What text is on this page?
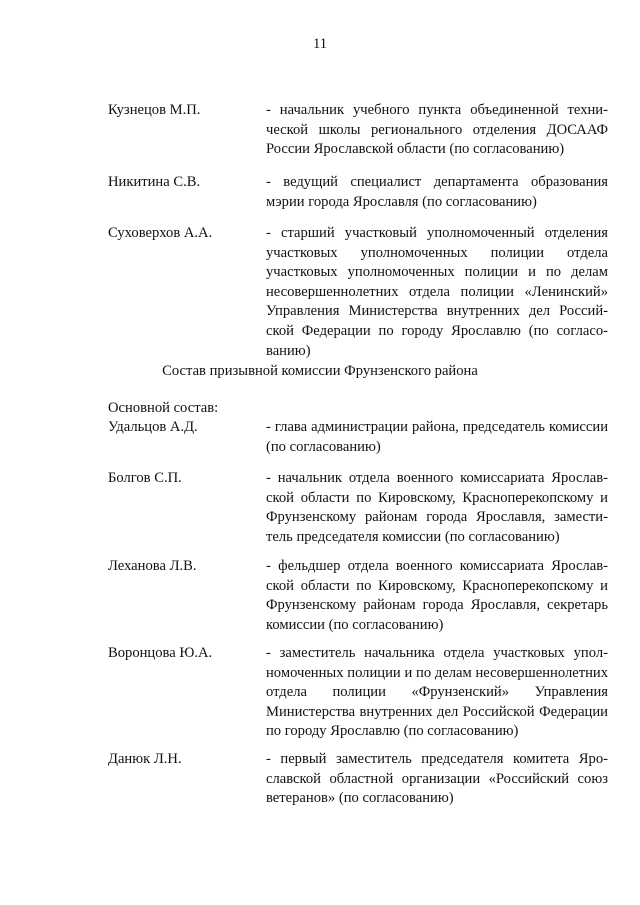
11
Кузнецов М.П.	- начальник учебного пункта объединенной технической школы регионального отделения ДОСААФ России Ярославской области (по согласованию)
Никитина С.В.	- ведущий специалист департамента образования мэрии города Ярославля (по согласованию)
Суховерхов А.А.	- старший участковый уполномоченный отделения участковых уполномоченных полиции отдела участковых уполномоченных полиции и по делам несовершеннолетних отдела полиции «Ленинский» Управления Министерства внутренних дел Российской Федерации по городу Ярославлю (по согласованию)
Состав призывной комиссии Фрунзенского района
Основной состав:
Удальцов А.Д.	- глава администрации района, председатель комиссии (по согласованию)
Болгов С.П.	- начальник отдела военного комиссариата Ярославской области по Кировскому, Красноперекопскому и Фрунзенскому районам города Ярославля, заместитель председателя комиссии (по согласованию)
Леханова Л.В.	- фельдшер отдела военного комиссариата Ярославской области по Кировскому, Красноперекопскому и Фрунзенскому районам города Ярославля, секретарь комиссии (по согласованию)
Воронцова Ю.А.	- заместитель начальника отдела участковых уполномоченных полиции и по делам несовершеннолетних отдела полиции «Фрунзенский» Управления Министерства внутренних дел Российской Федерации по городу Ярославлю (по согласованию)
Данюк Л.Н.	- первый заместитель председателя комитета Ярославской областной организации «Российский союз ветеранов» (по согласованию)
